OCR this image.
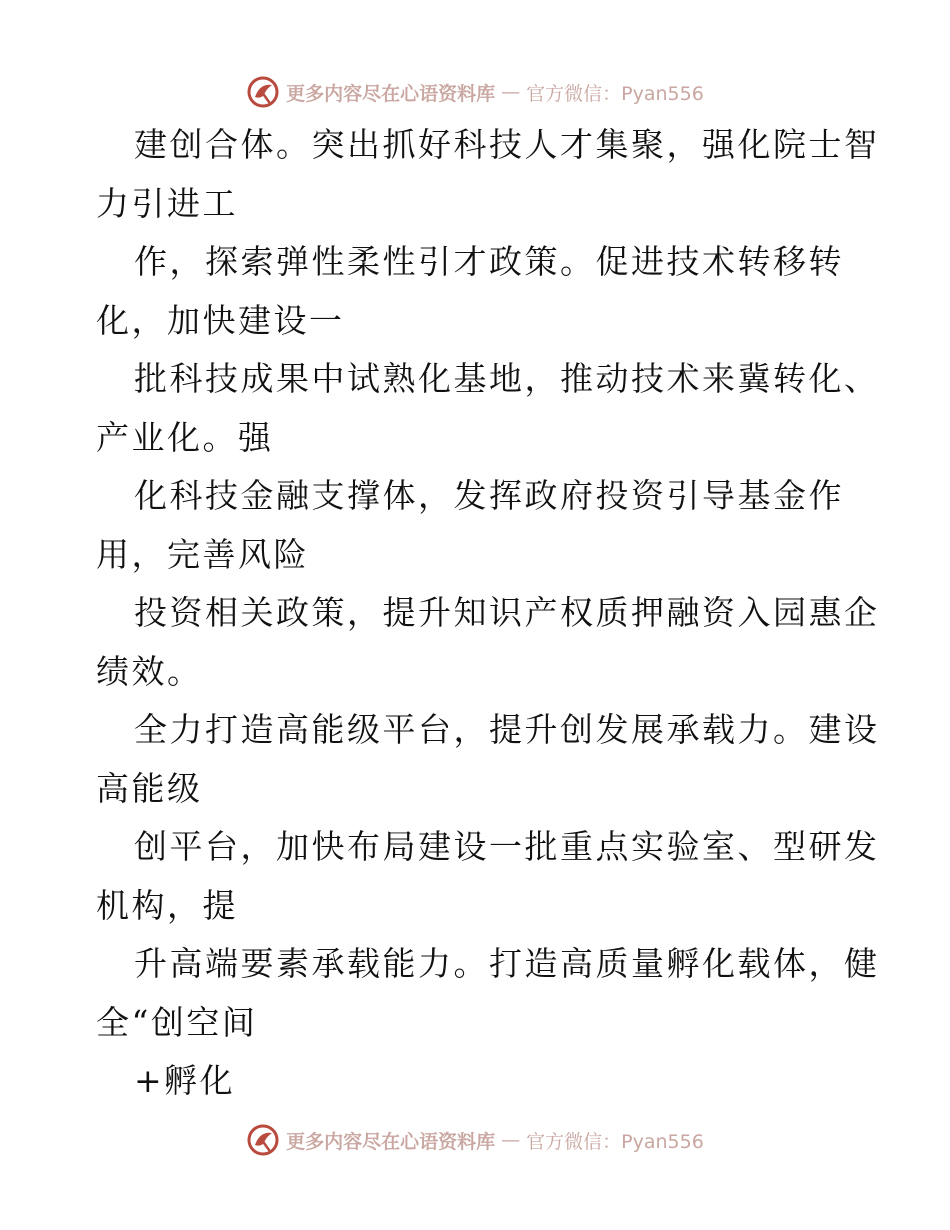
更多内容尽在心语资料库 — 官方微信：Pyan556
建创合体。突出抓好科技人才集聚，强化院士智
力引进工
作，探索弹性柔性引才政策。促进技术转移转
化，加快建设一
批科技成果中试熟化基地，推动技术来冀转化、
产业化。强
化科技金融支撑体，发挥政府投资引导基金作
用，完善风险
投资相关政策，提升知识产权质押融资入园惠企
绩效。
全力打造高能级平台，提升创发展承载力。建设
高能级
创平台，加快布局建设一批重点实验室、型研发
机构，提
升高端要素承载能力。打造高质量孵化载体，健
全“创空间
+孵化
更多内容尽在心语资料库 — 官方微信：Pyan556
